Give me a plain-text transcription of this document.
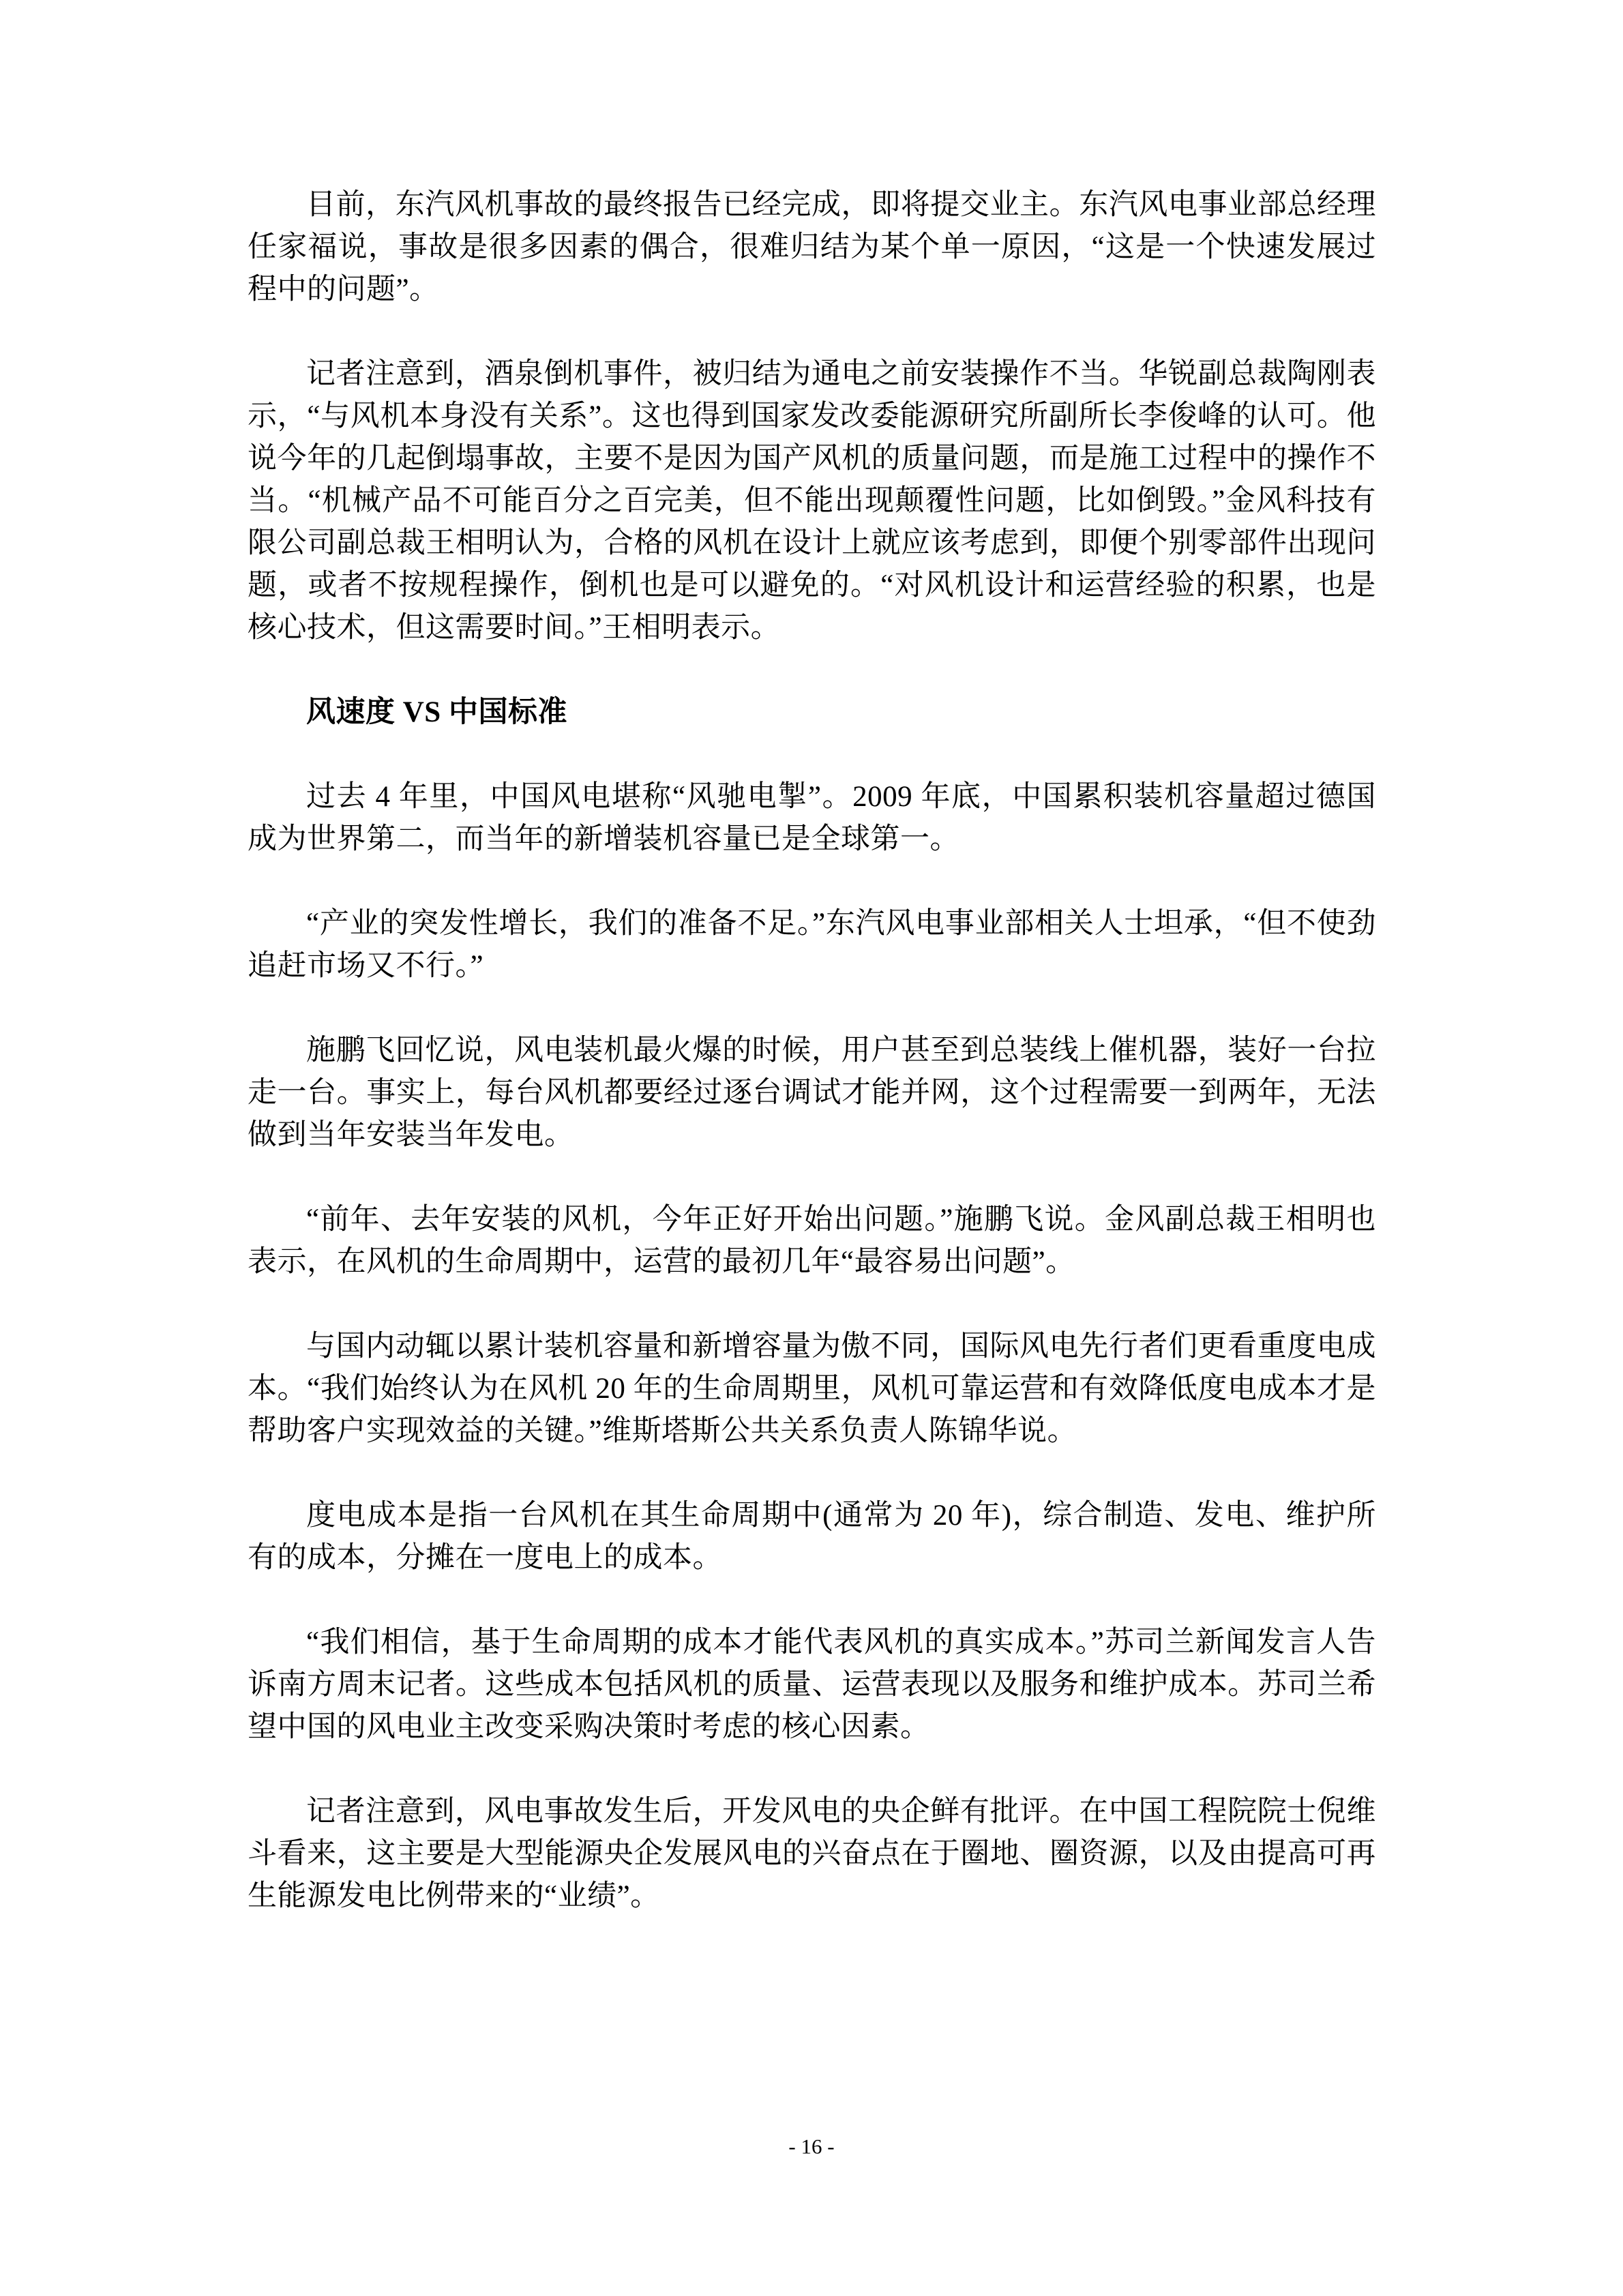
目前，东汽风机事故的最终报告已经完成，即将提交业主。东汽风电事业部总经理任家福说，事故是很多因素的偶合，很难归结为某个单一原因，“这是一个快速发展过程中的问题”。

记者注意到，酒泉倒机事件，被归结为通电之前安装操作不当。华锐副总裁陶刚表示，“与风机本身没有关系”。这也得到国家发改委能源研究所副所长李俊峰的认可。他说今年的几起倒塌事故，主要不是因为国产风机的质量问题，而是施工过程中的操作不当。“机械产品不可能百分之百完美，但不能出现颠覆性问题，比如倒毁。”金风科技有限公司副总裁王相明认为，合格的风机在设计上就应该考虑到，即便个别零部件出现问题，或者不按规程操作，倒机也是可以避免的。“对风机设计和运营经验的积累，也是核心技术，但这需要时间。”王相明表示。

风速度 VS 中国标准

过去 4 年里，中国风电堪称“风驰电掣”。2009 年底，中国累积装机容量超过德国成为世界第二，而当年的新增装机容量已是全球第一。

“产业的突发性增长，我们的准备不足。”东汽风电事业部相关人士坦承，“但不使劲追赶市场又不行。”

施鹏飞回忆说，风电装机最火爆的时候，用户甚至到总装线上催机器，装好一台拉走一台。事实上，每台风机都要经过逐台调试才能并网，这个过程需要一到两年，无法做到当年安装当年发电。

“前年、去年安装的风机，今年正好开始出问题。”施鹏飞说。金风副总裁王相明也表示，在风机的生命周期中，运营的最初几年“最容易出问题”。

与国内动辄以累计装机容量和新增容量为傲不同，国际风电先行者们更看重度电成本。“我们始终认为在风机 20 年的生命周期里，风机可靠运营和有效降低度电成本才是帮助客户实现效益的关键。”维斯塔斯公共关系负责人陈锦华说。

度电成本是指一台风机在其生命周期中(通常为 20 年)，综合制造、发电、维护所有的成本，分摊在一度电上的成本。

“我们相信，基于生命周期的成本才能代表风机的真实成本。”苏司兰新闻发言人告诉南方周末记者。这些成本包括风机的质量、运营表现以及服务和维护成本。苏司兰希望中国的风电业主改变采购决策时考虑的核心因素。

记者注意到，风电事故发生后，开发风电的央企鲜有批评。在中国工程院院士倪维斗看来，这主要是大型能源央企发展风电的兴奋点在于圈地、圈资源，以及由提高可再生能源发电比例带来的“业绩”。

- 16 -
